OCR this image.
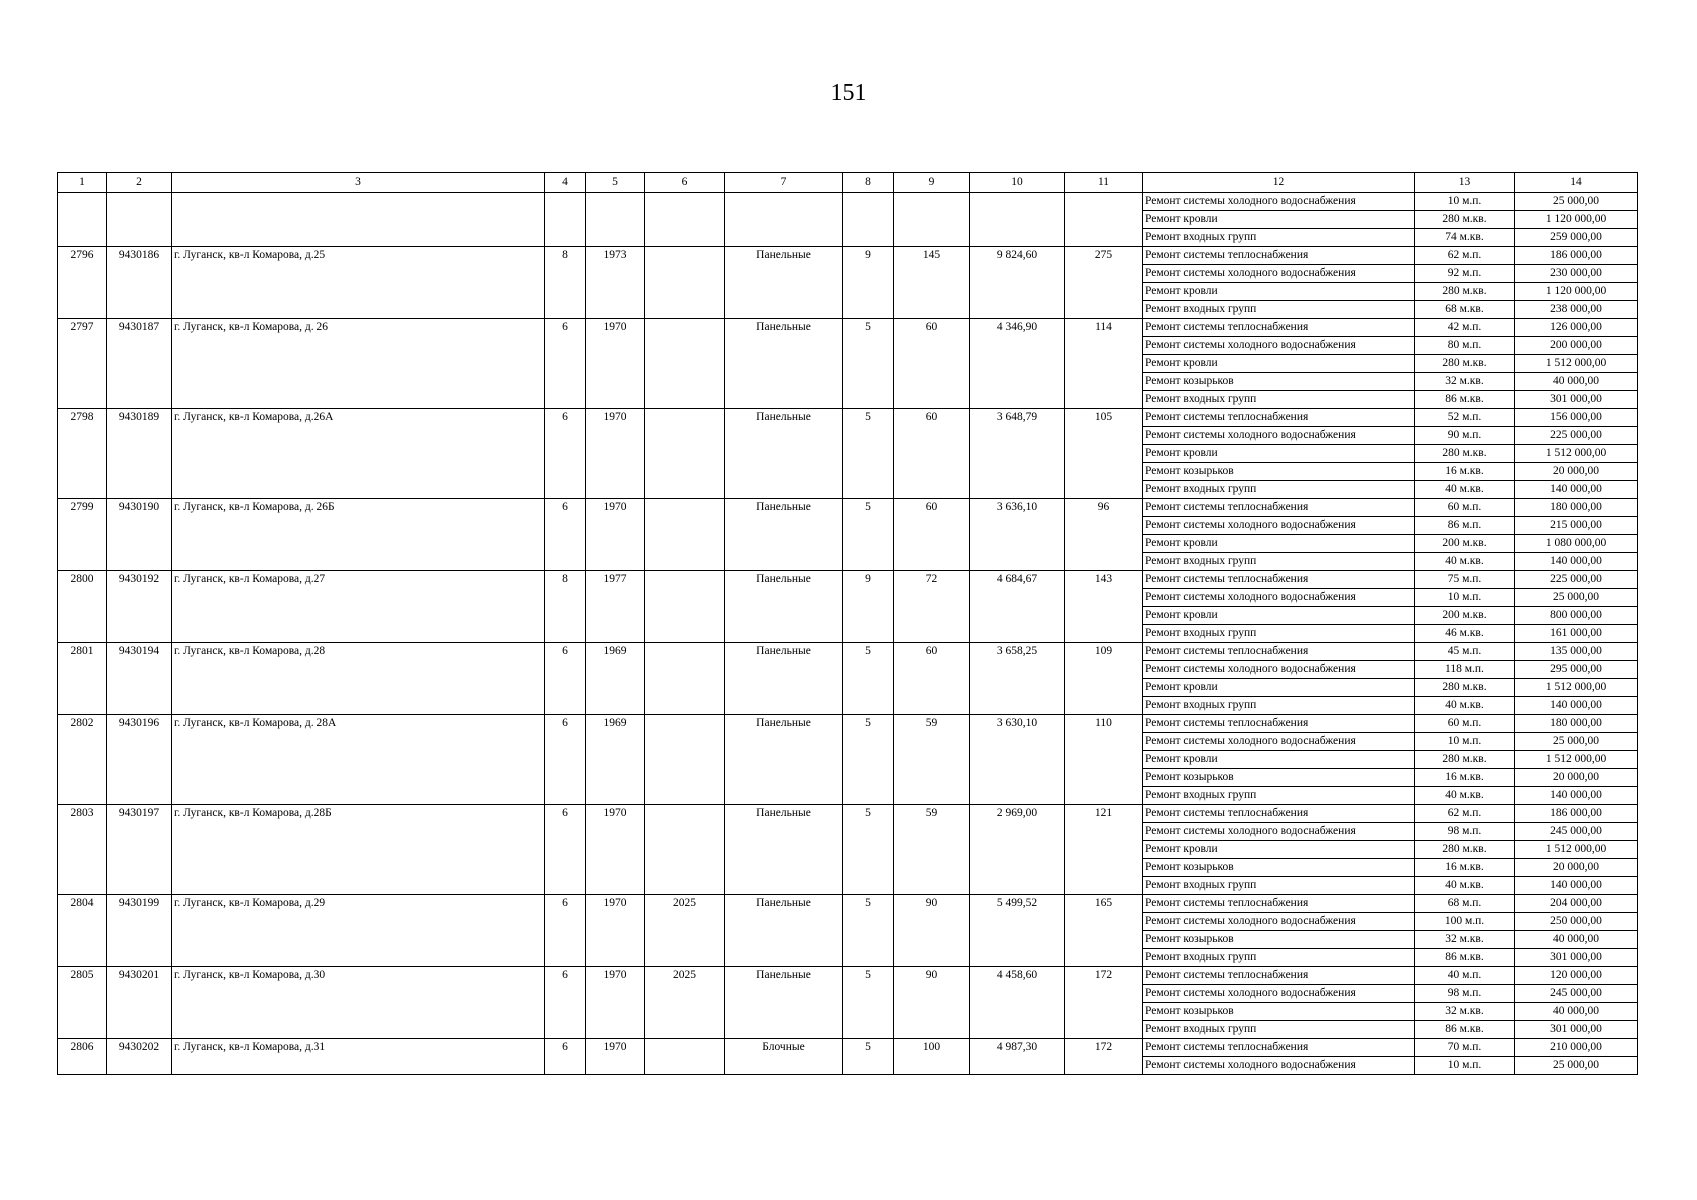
151
1	2	3	4	5	6	7	8	9	10	11	12	13	14
											Ремонт системы холодного водоснабжения	10 м.п.	25 000,00
											Ремонт кровли	280 м.кв.	1 120 000,00
											Ремонт входных групп	74 м.кв.	259 000,00
2796	9430186	г. Луганск, кв-л Комарова, д.25	8	1973		Панельные	9	145	9 824,60	275	Ремонт системы теплоснабжения	62 м.п.	186 000,00
											Ремонт системы холодного водоснабжения	92 м.п.	230 000,00
											Ремонт кровли	280 м.кв.	1 120 000,00
											Ремонт входных групп	68 м.кв.	238 000,00
2797	9430187	г. Луганск, кв-л Комарова, д. 26	6	1970		Панельные	5	60	4 346,90	114	Ремонт системы теплоснабжения	42 м.п.	126 000,00
											Ремонт системы холодного водоснабжения	80 м.п.	200 000,00
											Ремонт кровли	280 м.кв.	1 512 000,00
											Ремонт козырьков	32 м.кв.	40 000,00
											Ремонт входных групп	86 м.кв.	301 000,00
2798	9430189	г. Луганск, кв-л Комарова, д.26А	6	1970		Панельные	5	60	3 648,79	105	Ремонт системы теплоснабжения	52 м.п.	156 000,00
											Ремонт системы холодного водоснабжения	90 м.п.	225 000,00
											Ремонт кровли	280 м.кв.	1 512 000,00
											Ремонт козырьков	16 м.кв.	20 000,00
											Ремонт входных групп	40 м.кв.	140 000,00
2799	9430190	г. Луганск, кв-л Комарова, д. 26Б	6	1970		Панельные	5	60	3 636,10	96	Ремонт системы теплоснабжения	60 м.п.	180 000,00
											Ремонт системы холодного водоснабжения	86 м.п.	215 000,00
											Ремонт кровли	200 м.кв.	1 080 000,00
											Ремонт входных групп	40 м.кв.	140 000,00
2800	9430192	г. Луганск, кв-л Комарова, д.27	8	1977		Панельные	9	72	4 684,67	143	Ремонт системы теплоснабжения	75 м.п.	225 000,00
											Ремонт системы холодного водоснабжения	10 м.п.	25 000,00
											Ремонт кровли	200 м.кв.	800 000,00
											Ремонт входных групп	46 м.кв.	161 000,00
2801	9430194	г. Луганск, кв-л Комарова, д.28	6	1969		Панельные	5	60	3 658,25	109	Ремонт системы теплоснабжения	45 м.п.	135 000,00
											Ремонт системы холодного водоснабжения	118 м.п.	295 000,00
											Ремонт кровли	280 м.кв.	1 512 000,00
											Ремонт входных групп	40 м.кв.	140 000,00
2802	9430196	г. Луганск, кв-л Комарова, д. 28А	6	1969		Панельные	5	59	3 630,10	110	Ремонт системы теплоснабжения	60 м.п.	180 000,00
											Ремонт системы холодного водоснабжения	10 м.п.	25 000,00
											Ремонт кровли	280 м.кв.	1 512 000,00
											Ремонт козырьков	16 м.кв.	20 000,00
											Ремонт входных групп	40 м.кв.	140 000,00
2803	9430197	г. Луганск, кв-л Комарова, д.28Б	6	1970		Панельные	5	59	2 969,00	121	Ремонт системы теплоснабжения	62 м.п.	186 000,00
											Ремонт системы холодного водоснабжения	98 м.п.	245 000,00
											Ремонт кровли	280 м.кв.	1 512 000,00
											Ремонт козырьков	16 м.кв.	20 000,00
											Ремонт входных групп	40 м.кв.	140 000,00
2804	9430199	г. Луганск, кв-л Комарова, д.29	6	1970	2025	Панельные	5	90	5 499,52	165	Ремонт системы теплоснабжения	68 м.п.	204 000,00
											Ремонт системы холодного водоснабжения	100 м.п.	250 000,00
											Ремонт козырьков	32 м.кв.	40 000,00
											Ремонт входных групп	86 м.кв.	301 000,00
2805	9430201	г. Луганск, кв-л Комарова, д.30	6	1970	2025	Панельные	5	90	4 458,60	172	Ремонт системы теплоснабжения	40 м.п.	120 000,00
											Ремонт системы холодного водоснабжения	98 м.п.	245 000,00
											Ремонт козырьков	32 м.кв.	40 000,00
											Ремонт входных групп	86 м.кв.	301 000,00
2806	9430202	г. Луганск, кв-л Комарова, д.31	6	1970		Блочные	5	100	4 987,30	172	Ремонт системы теплоснабжения	70 м.п.	210 000,00
											Ремонт системы холодного водоснабжения	10 м.п.	25 000,00
